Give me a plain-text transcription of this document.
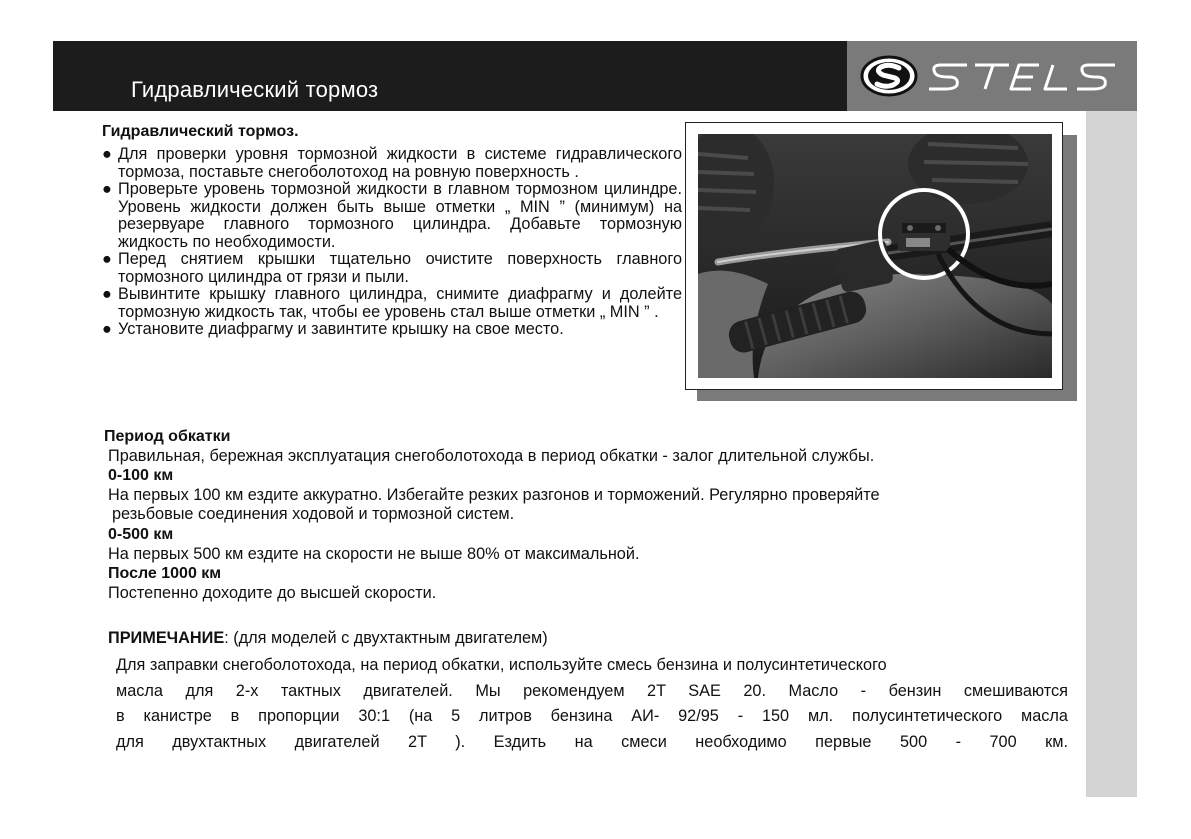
Гидравлический тормоз
Гидравлический тормоз.
● Для проверки уровня тормозной жидкости в системе гидравлического тормоза, поставьте снегоболотоход на ровную поверхность .
● Проверьте уровень тормозной жидкости в главном тормозном цилиндре. Уровень жидкости должен быть выше отметки „ MIN ” (минимум) на резервуаре главного тормозного цилиндра. Добавьте тормозную жидкость по необходимости.
● Перед снятием крышки тщательно очистите поверхность главного тормозного цилиндра от грязи и пыли.
● Вывинтите крышку главного цилиндра, снимите диафрагму и долейте тормозную жидкость так, чтобы ее уровень стал выше отметки „ MIN ” .
● Установите диафрагму и завинтите крышку на свое место.
Период обкатки
Правильная, бережная эксплуатация снегоболотохода в период обкатки - залог длительной службы.
0-100 км
На первых 100 км ездите аккуратно. Избегайте резких разгонов и торможений. Регулярно проверяйте
резьбовые соединения ходовой и тормозной систем.
0-500 км
На первых 500 км ездите на скорости не выше 80% от максимальной.
После 1000 км
Постепенно доходите до высшей скорости.
ПРИМЕЧАНИЕ: (для моделей с двухтактным двигателем)
Для заправки снегоболотохода, на период обкатки, используйте смесь бензина и полусинтетического
масла для 2-х тактных двигателей. Мы рекомендуем 2T SAE 20. Масло - бензин смешиваются
в канистре в пропорции 30:1 (на 5 литров бензина АИ- 92/95 - 150 мл. полусинтетического масла
для двухтактных двигателей 2T ). Ездить на смеси необходимо первые 500 - 700 км.
